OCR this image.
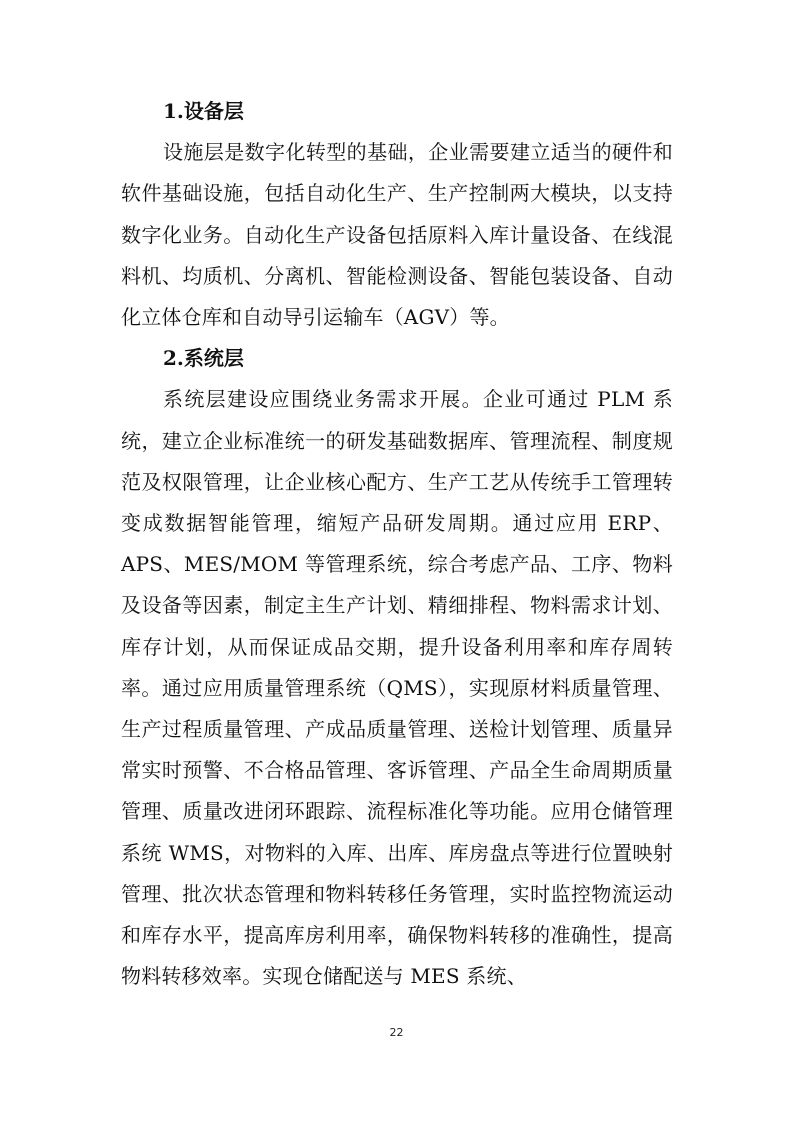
1.设备层

设施层是数字化转型的基础，企业需要建立适当的硬件和软件基础设施，包括自动化生产、生产控制两大模块，以支持数字化业务。自动化生产设备包括原料入库计量设备、在线混料机、均质机、分离机、智能检测设备、智能包装设备、自动化立体仓库和自动导引运输车（AGV）等。

2.系统层

系统层建设应围绕业务需求开展。企业可通过 PLM 系统，建立企业标准统一的研发基础数据库、管理流程、制度规范及权限管理，让企业核心配方、生产工艺从传统手工管理转变成数据智能管理，缩短产品研发周期。通过应用 ERP、APS、MES/MOM 等管理系统，综合考虑产品、工序、物料及设备等因素，制定主生产计划、精细排程、物料需求计划、库存计划，从而保证成品交期，提升设备利用率和库存周转率。通过应用质量管理系统（QMS），实现原材料质量管理、生产过程质量管理、产成品质量管理、送检计划管理、质量异常实时预警、不合格品管理、客诉管理、产品全生命周期质量管理、质量改进闭环跟踪、流程标准化等功能。应用仓储管理系统 WMS，对物料的入库、出库、库房盘点等进行位置映射管理、批次状态管理和物料转移任务管理，实时监控物流运动和库存水平，提高库房利用率，确保物料转移的准确性，提高物料转移效率。实现仓储配送与 MES 系统、

22
